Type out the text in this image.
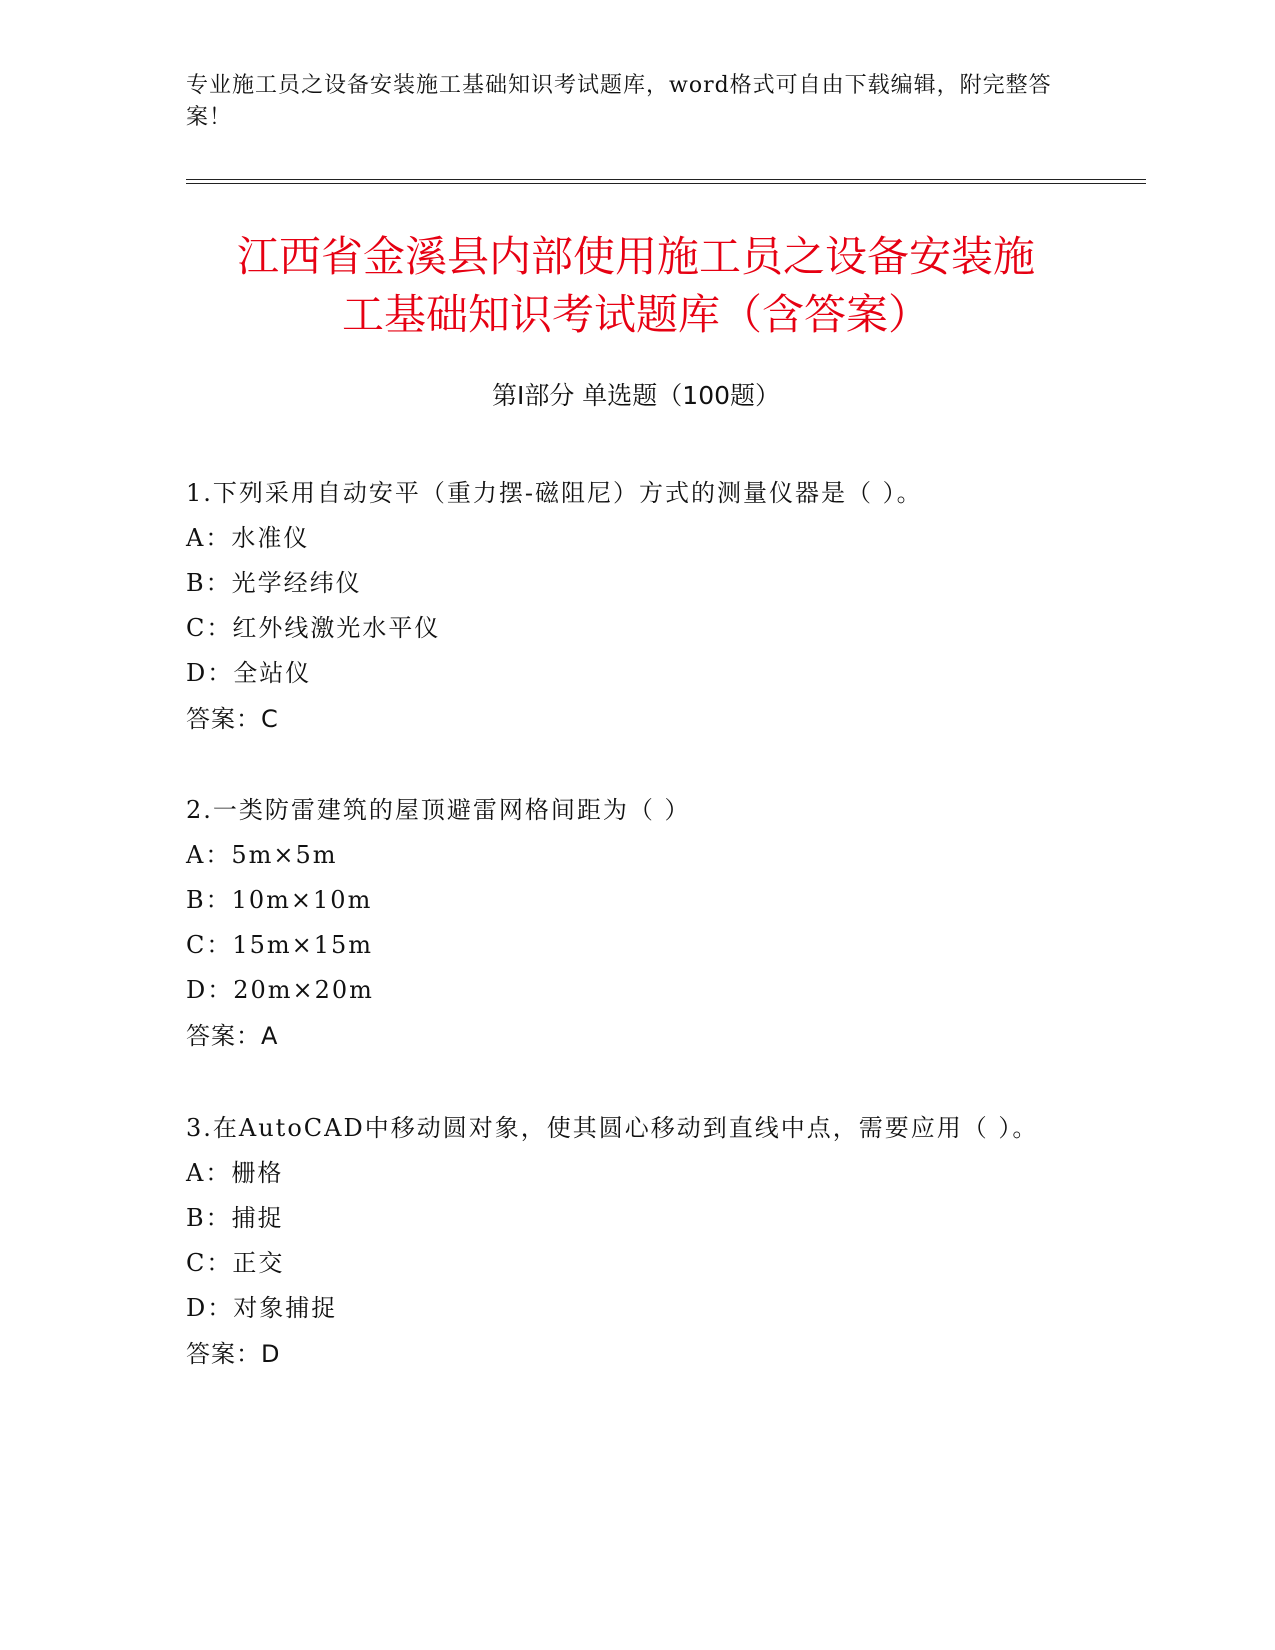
专业施工员之设备安装施工基础知识考试题库，word格式可自由下载编辑，附完整答案！
江西省金溪县内部使用施工员之设备安装施
工基础知识考试题库（含答案）
第Ⅰ部分 单选题（100题）
1.下列采用自动安平（重力摆-磁阻尼）方式的测量仪器是（ ）。
A：水准仪
B：光学经纬仪
C：红外线激光水平仪
D：全站仪
答案：C
2.一类防雷建筑的屋顶避雷网格间距为（ ）
A：5m×5m
B：10m×10m
C：15m×15m
D：20m×20m
答案：A
3.在AutoCAD中移动圆对象，使其圆心移动到直线中点，需要应用（ ）。
A：栅格
B：捕捉
C：正交
D：对象捕捉
答案：D
